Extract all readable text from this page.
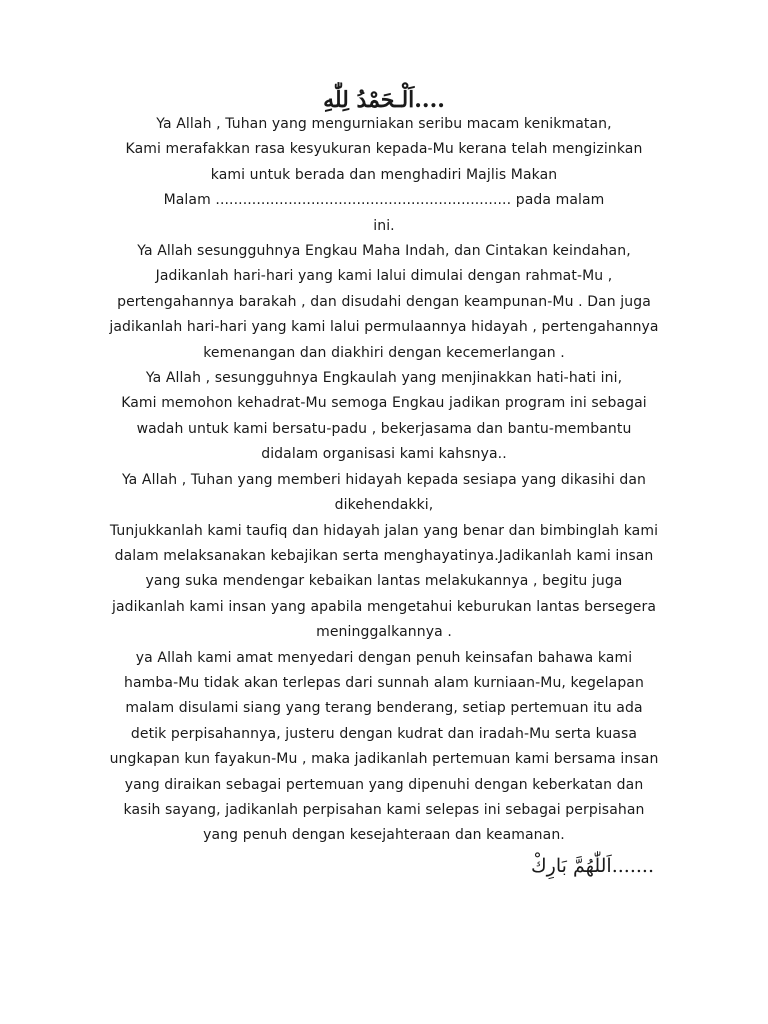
....اَلْـحَمْدُ لِلّٰهِ
Ya Allah , Tuhan yang mengurniakan seribu macam kenikmatan,
Kami merafakkan rasa kesyukuran kepada-Mu kerana telah mengizinkan
kami untuk berada dan menghadiri Majlis Makan
Malam ................................................................. pada malam
ini.
Ya Allah sesungguhnya Engkau Maha Indah, dan Cintakan keindahan,
Jadikanlah hari-hari yang kami lalui dimulai dengan rahmat-Mu ,
pertengahannya barakah , dan disudahi dengan keampunan-Mu . Dan juga
jadikanlah hari-hari yang kami lalui permulaannya hidayah , pertengahannya
kemenangan dan diakhiri dengan kecemerlangan .
Ya Allah , sesungguhnya Engkaulah yang menjinakkan hati-hati ini,
Kami memohon kehadrat-Mu semoga Engkau jadikan program ini sebagai
wadah untuk kami bersatu-padu , bekerjasama dan bantu-membantu
didalam organisasi kami kahsnya..
Ya Allah , Tuhan yang memberi hidayah kepada sesiapa yang dikasihi dan
dikehendakki,
Tunjukkanlah kami taufiq dan hidayah jalan yang benar dan bimbinglah kami
dalam melaksanakan kebajikan serta menghayatinya.Jadikanlah kami insan
yang suka mendengar kebaikan lantas melakukannya , begitu juga
jadikanlah kami insan yang apabila mengetahui keburukan lantas bersegera
meninggalkannya .
ya Allah kami amat menyedari dengan penuh keinsafan bahawa kami
hamba-Mu tidak akan terlepas dari sunnah alam kurniaan-Mu, kegelapan
malam disulami siang yang terang benderang, setiap pertemuan itu ada
detik perpisahannya, justeru dengan kudrat dan iradah-Mu serta kuasa
ungkapan kun fayakun-Mu , maka jadikanlah pertemuan kami bersama insan
yang diraikan sebagai pertemuan yang dipenuhi dengan keberkatan dan
kasih sayang, jadikanlah perpisahan kami selepas ini sebagai perpisahan
yang penuh dengan kesejahteraan dan keamanan.
.......اَللّٰهُمَّ بَارِكْ
